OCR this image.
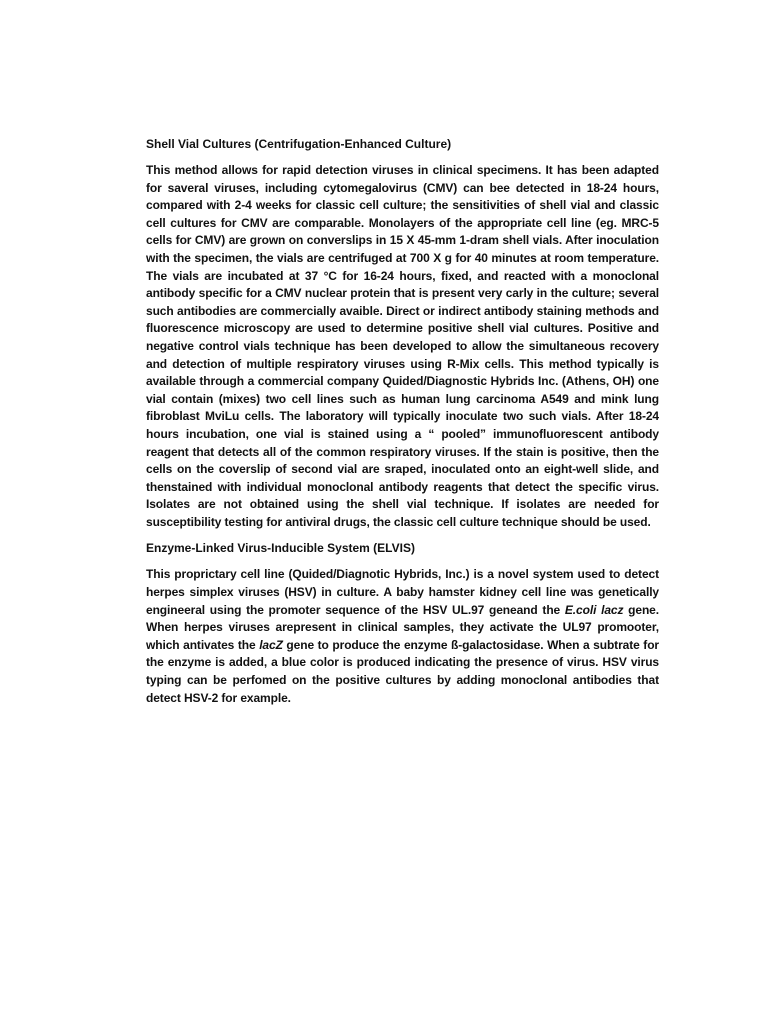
Shell Vial Cultures (Centrifugation-Enhanced Culture)

This method allows for rapid detection viruses in clinical specimens. It has been adapted for saveral viruses, including cytomegalovirus (CMV) can bee detected in 18-24 hours, compared with 2-4 weeks for classic cell culture; the sensitivities of shell vial and classic cell cultures for CMV are comparable. Monolayers of the appropriate cell line (eg. MRC-5 cells for CMV) are grown on converslips in 15 X 45-mm 1-dram shell vials. After inoculation with the specimen, the vials are centrifuged at 700 X g for 40 minutes at room temperature. The vials are incubated at 37 °C for 16-24 hours, fixed, and reacted with a monoclonal antibody specific for a CMV nuclear protein that is present very carly in the culture; several such antibodies are commercially avaible. Direct or indirect antibody staining methods and fluorescence microscopy are used to determine positive shell vial cultures. Positive and negative control vials technique has been developed to allow the simultaneous recovery and detection of multiple respiratory viruses using R-Mix cells. This method typically is available through a commercial company Quided/Diagnostic Hybrids Inc. (Athens, OH) one vial contain (mixes) two cell lines such as human lung carcinoma A549 and mink lung fibroblast MviLu cells. The laboratory will typically inoculate two such vials. After 18-24 hours incubation, one vial is stained using a “ pooled” immunofluorescent antibody reagent that detects all of the common respiratory viruses. If the stain is positive, then the cells on the coverslip of second vial are sraped, inoculated onto an eight-well slide, and thenstained with individual monoclonal antibody reagents that detect the specific virus. Isolates are not obtained using the shell vial technique. If isolates are needed for susceptibility testing for antiviral drugs, the classic cell culture technique should be used.

Enzyme-Linked Virus-Inducible System (ELVIS)

This proprictary cell line (Quided/Diagnotic Hybrids, Inc.) is a novel system used to detect herpes simplex viruses (HSV) in culture. A baby hamster kidney cell line was genetically engineeral using the promoter sequence of the HSV UL.97 geneand the E.coli lacz gene. When herpes viruses arepresent in clinical samples, they activate the UL97 promooter, which antivates the lacZ gene to produce the enzyme ß-galactosidase. When a subtrate for the enzyme is added, a blue color is produced indicating the presence of virus. HSV virus typing can be perfomed on the positive cultures by adding monoclonal antibodies that detect HSV-2 for example.
